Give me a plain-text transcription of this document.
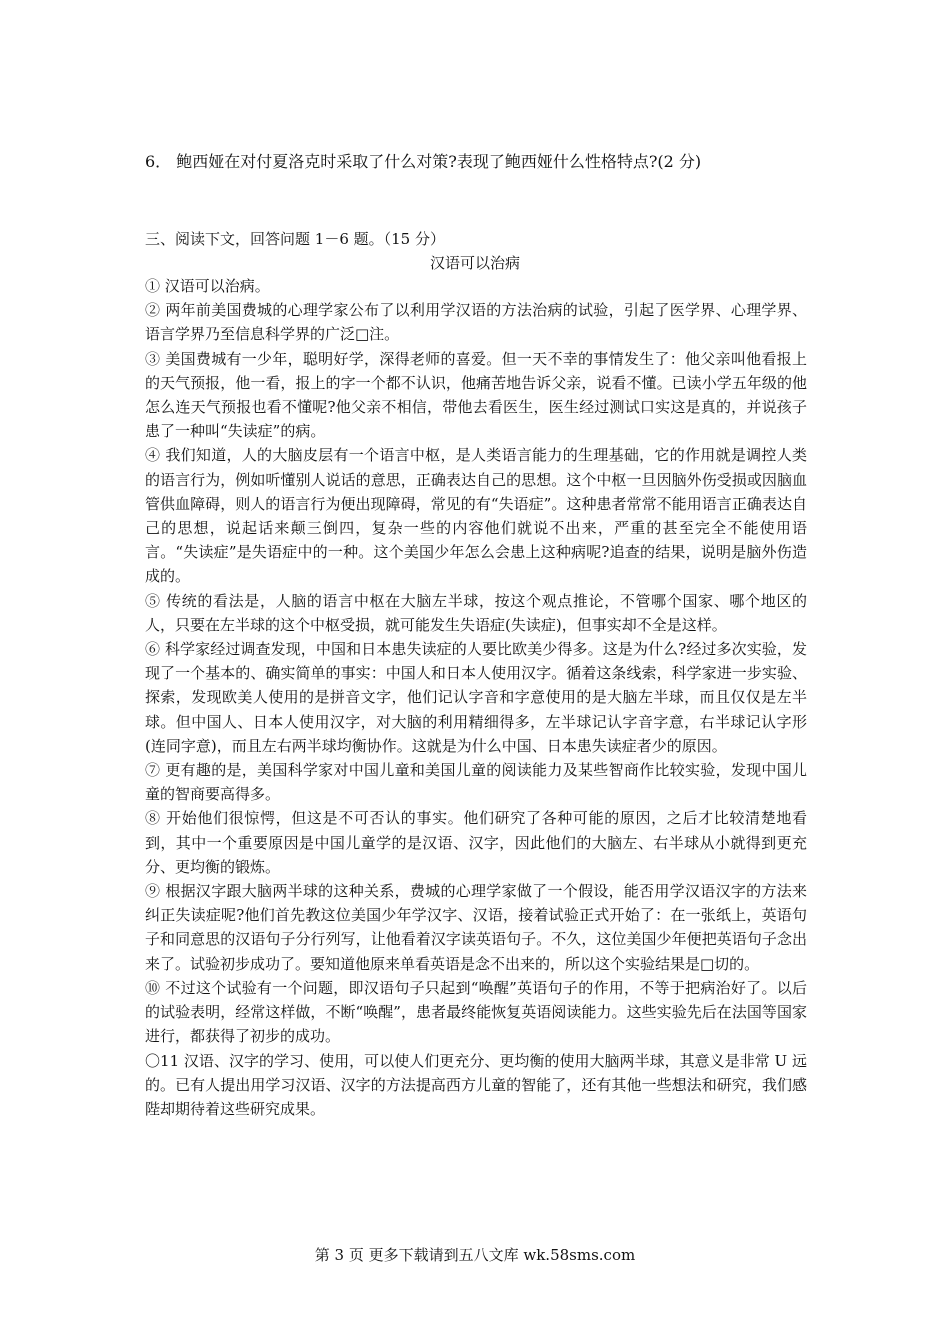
6． 鲍西娅在对付夏洛克时采取了什么对策?表现了鲍西娅什么性格特点?(2 分)
三、阅读下文，回答问题 1－6 题。（15 分）
汉语可以治病

① 汉语可以治病。

② 两年前美国费城的心理学家公布了以利用学汉语的方法治病的试验，引起了医学界、心理学界、语言学界乃至信息科学界的广泛□注。

③ 美国费城有一少年，聪明好学，深得老师的喜爱。但一天不幸的事情发生了：他父亲叫他看报上的天气预报，他一看，报上的字一个都不认识，他痛苦地告诉父亲，说看不懂。已读小学五年级的他怎么连天气预报也看不懂呢?他父亲不相信，带他去看医生，医生经过测试口实这是真的，并说孩子患了一种叫“失读症”的病。

④ 我们知道，人的大脑皮层有一个语言中枢，是人类语言能力的生理基础，它的作用就是调控人类的语言行为，例如听懂别人说话的意思，正确表达自己的思想。这个中枢一旦因脑外伤受损或因脑血管供血障碍，则人的语言行为便出现障碍，常见的有“失语症”。这种患者常常不能用语言正确表达自己的思想，说起话来颠三倒四，复杂一些的内容他们就说不出来，严重的甚至完全不能使用语言。“失读症”是失语症中的一种。这个美国少年怎么会患上这种病呢?追查的结果，说明是脑外伤造成的。

⑤ 传统的看法是，人脑的语言中枢在大脑左半球，按这个观点推论，不管哪个国家、哪个地区的人，只要在左半球的这个中枢受损，就可能发生失语症(失读症)，但事实却不全是这样。

⑥ 科学家经过调查发现，中国和日本患失读症的人要比欧美少得多。这是为什么?经过多次实验，发现了一个基本的、确实简单的事实：中国人和日本人使用汉字。循着这条线索，科学家进一步实验、探索，发现欧美人使用的是拼音文字，他们记认字音和字意使用的是大脑左半球，而且仅仅是左半球。但中国人、日本人使用汉字，对大脑的利用精细得多，左半球记认字音字意，右半球记认字形(连同字意)，而且左右两半球均衡协作。这就是为什么中国、日本患失读症者少的原因。

⑦ 更有趣的是，美国科学家对中国儿童和美国儿童的阅读能力及某些智商作比较实验，发现中国儿童的智商要高得多。

⑧ 开始他们很惊愕，但这是不可否认的事实。他们研究了各种可能的原因，之后才比较清楚地看到，其中一个重要原因是中国儿童学的是汉语、汉字，因此他们的大脑左、右半球从小就得到更充分、更均衡的锻炼。

⑨ 根据汉字跟大脑两半球的这种关系，费城的心理学家做了一个假设，能否用学汉语汉字的方法来纠正失读症呢?他们首先教这位美国少年学汉字、汉语，接着试验正式开始了：在一张纸上，英语句子和同意思的汉语句子分行列写，让他看着汉字读英语句子。不久，这位美国少年便把英语句子念出来了。试验初步成功了。要知道他原来单看英语是念不出来的，所以这个实验结果是□切的。

⑩ 不过这个试验有一个问题，即汉语句子只起到“唤醒”英语句子的作用，不等于把病治好了。以后的试验表明，经常这样做，不断“唤醒”，患者最终能恢复英语阅读能力。这些实验先后在法国等国家进行，都获得了初步的成功。

〇11 汉语、汉字的学习、使用，可以使人们更充分、更均衡的使用大脑两半球，其意义是非常 U 远的。已有人提出用学习汉语、汉字的方法提高西方儿童的智能了，还有其他一些想法和研究，我们感陛却期待着这些研究成果。

第 3 页 更多下载请到五八文库 wk.58sms.com
